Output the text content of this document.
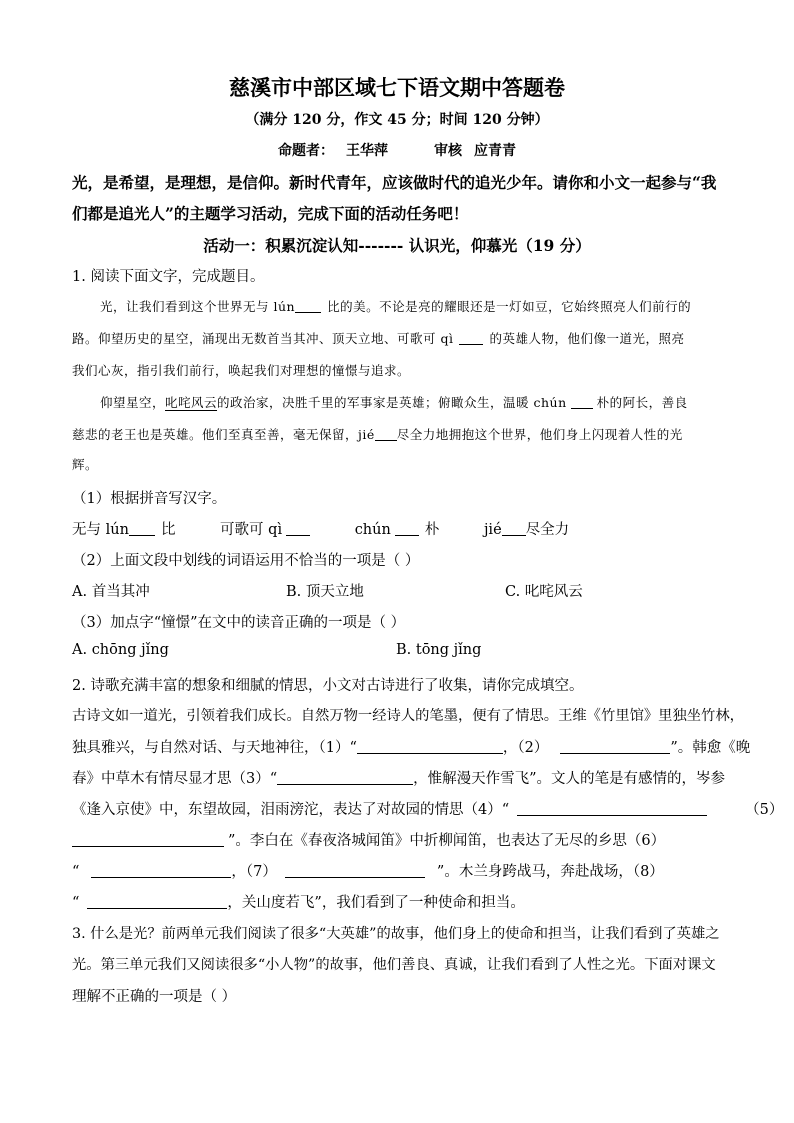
慈溪市中部区域七下语文期中答题卷
（满分 120 分，作文 45 分；时间 120 分钟）
命题者： 王华萍	审核 应青青
光，是希望，是理想，是信仰。新时代青年，应该做时代的追光少年。请你和小文一起参与“我
们都是追光人”的主题学习活动，完成下面的活动任务吧！
活动一：积累沉淀认知------- 认识光，仰慕光（19 分）
1. 阅读下面文字，完成题目。
光，让我们看到这个世界无与 lún	比的美。不论是亮的耀眼还是一灯如豆，它始终照亮人们前行的
路。仰望历史的星空，涌现出无数首当其冲、顶天立地、可歌可 qì	的英雄人物，他们像一道光，照亮
我们心灰，指引我们前行，唤起我们对理想的憧憬与追求。
仰望星空，叱咤风云的政治家，决胜千里的军事家是英雄；俯瞰众生，温暖 chún 朴的阿长，善良
慈悲的老王也是英雄。他们至真至善，毫无保留，jié 尽全力地拥抱这个世界，他们身上闪现着人性的光
辉。
（1）根据拼音写汉字。
无与 lún 比	可歌可 qì	chún 朴	jié 尽全力
（2）上面文段中划线的词语运用不恰当的一项是（ ）
A. 首当其冲	B. 顶天立地	C. 叱咤风云
（3）加点字“憧憬”在文中的读音正确的一项是（ ）
A. chōng jǐng	B. tōng jǐng
2. 诗歌充满丰富的想象和细腻的情思，小文对古诗进行了收集，请你完成填空。
古诗文如一道光，引领着我们成长。自然万物一经诗人的笔墨，便有了情思。王维《竹里馆》里独坐竹林，
独具雅兴，与自然对话、与天地神往，（1）“	，（2）	”。韩愈《晚
春》中草木有情尽显才思（3）“	，惟解漫天作雪飞”。文人的笔是有感情的，岑参
《逢入京使》中，东望故园，泪雨滂沱，表达了对故园的情思（4）“	（5）
”。李白在《春夜洛城闻笛》中折柳闻笛，也表达了无尽的乡思（6）
“	，（7）	”。木兰身跨战马，奔赴战场，（8）
“	，关山度若飞”，我们看到了一种使命和担当。
3. 什么是光？前两单元我们阅读了很多“大英雄”的故事，他们身上的使命和担当，让我们看到了英雄之
光。第三单元我们又阅读很多“小人物”的故事，他们善良、真诚，让我们看到了人性之光。下面对课文
理解不正确的一项是（ ）
